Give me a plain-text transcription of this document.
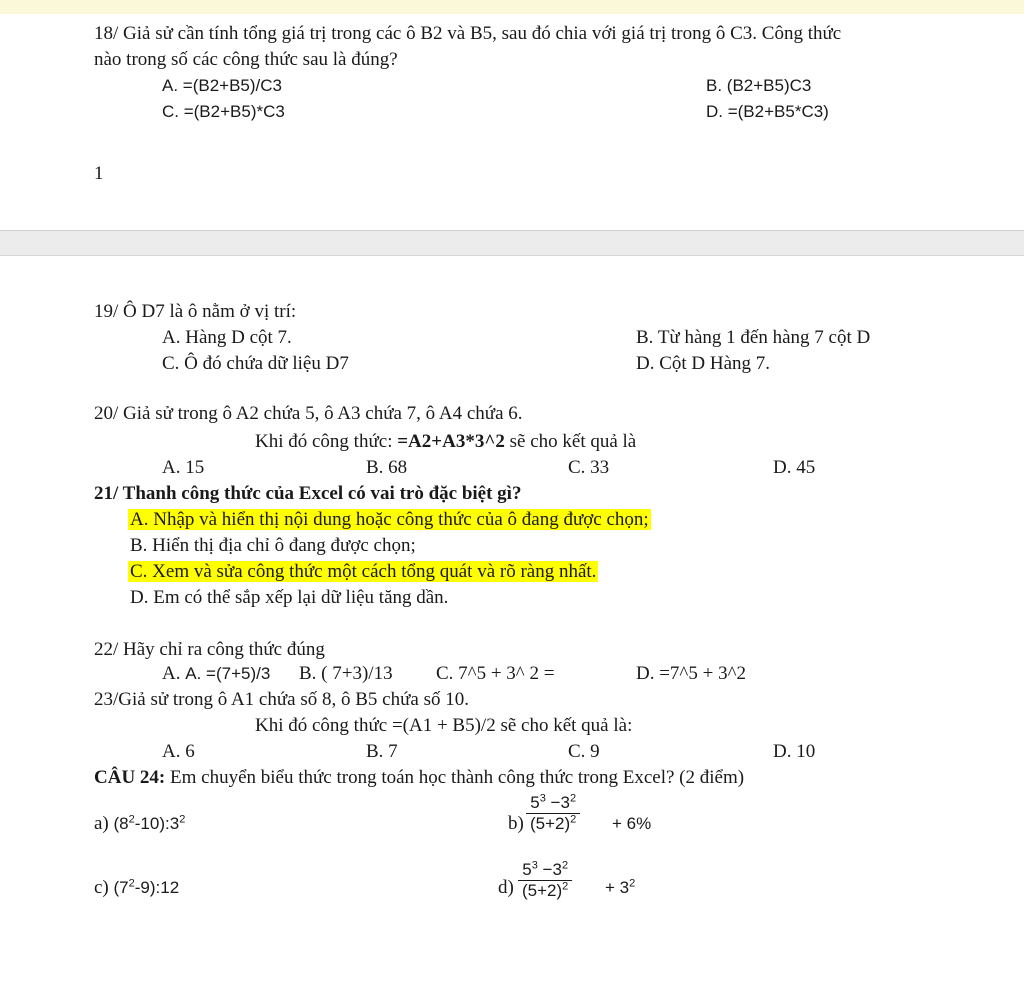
18/ Giả sử cần tính tổng giá trị trong các ô B2 và B5, sau đó chia với giá trị trong ô C3. Công thức
nào trong số các công thức sau là đúng?
A. =(B2+B5)/C3	B. (B2+B5)C3
C. =(B2+B5)*C3	D. =(B2+B5*C3)
1
19/ Ô D7 là ô nằm ở vị trí:
A. Hàng D cột 7.	B. Từ hàng 1 đến hàng 7 cột D
C. Ô đó chứa dữ liệu D7	D. Cột D Hàng 7.
20/ Giả sử trong ô A2 chứa 5, ô A3 chứa 7, ô A4 chứa 6.
Khi đó công thức: =A2+A3*3^2 sẽ cho kết quả là
A. 15	B. 68	C. 33	D. 45
21/ Thanh công thức của Excel có vai trò đặc biệt gì?
A. Nhập và hiển thị nội dung hoặc công thức của ô đang được chọn;
B. Hiển thị địa chỉ ô đang được chọn;
C. Xem và sửa công thức một cách tổng quát và rõ ràng nhất.
D. Em có thể sắp xếp lại dữ liệu tăng dần.
22/ Hãy chỉ ra công thức đúng
A. A. =(7+5)/3 B. ( 7+3)/13 C. 7^5 + 3^ 2 =	D. =7^5 + 3^2
23/Giả sử trong ô A1 chứa số 8, ô B5 chứa số 10.
Khi đó công thức =(A1 + B5)/2 sẽ cho kết quả là:
A. 6	B. 7	C. 9	D. 10
CÂU 24: Em chuyển biểu thức trong toán học thành công thức trong Excel? (2 điểm)
a) $(8^2-10):3^2$	$b) \frac{5^3 -3^2}{(5+2)^2} + 6\%$
c) $(7^2-9):12$	$d) \frac{5^3 -3^2}{(5+2)^2} + 3^2$
